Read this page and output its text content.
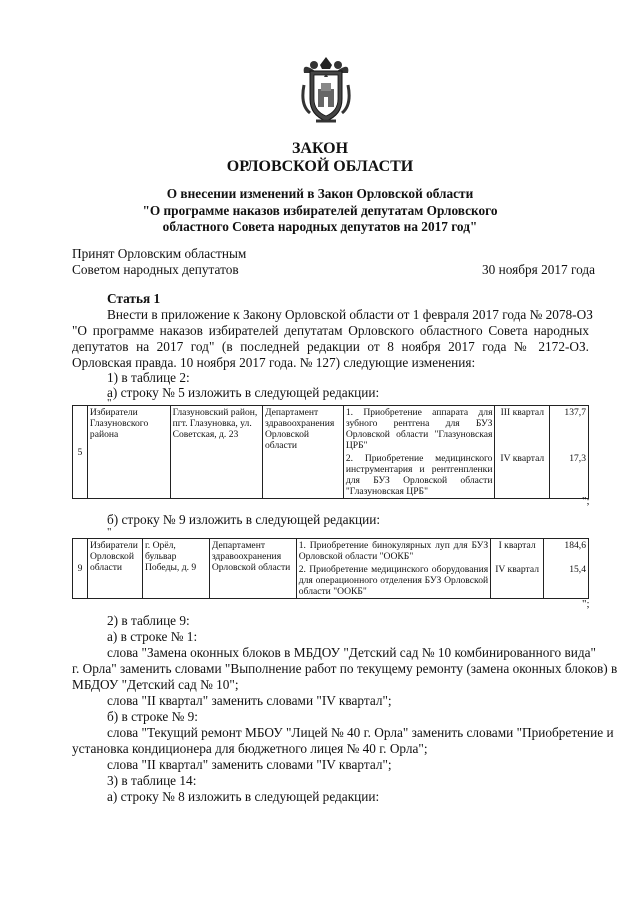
ЗАКОН
ОРЛОВСКОЙ ОБЛАСТИ
О внесении изменений в Закон Орловской области
"О программе наказов избирателей депутатам Орловского
областного Совета народных депутатов на 2017 год"
Принят Орловским областным
Советом народных депутатов	30 ноября 2017 года
Статья 1
Внести в приложение к Закону Орловской области от 1 февраля 2017 года № 2078-ОЗ
"О программе наказов избирателей депутатам Орловского областного Совета народных
депутатов на 2017 год" (в последней редакции от 8 ноября 2017 года № 2172-ОЗ.
Орловская правда. 10 ноября 2017 года. № 127) следующие изменения:
1) в таблице 2:
а) строку № 5 изложить в следующей редакции:
"
5	Избиратели Глазуновского района	Глазуновский район, пгт. Глазуновка, ул. Советская, д. 23	Департамент здравоохранения Орловской области	1. Приобретение аппарата для зубного рентгена для БУЗ Орловской области "Глазуновская ЦРБ"	III квартал	137,7
				2. Приобретение медицинского инструментария и рентгенпленки для БУЗ Орловской области "Глазуновская ЦРБ"	IV квартал	17,3
";
б) строку № 9 изложить в следующей редакции:
"
9	Избиратели Орловской области	г. Орёл, бульвар Победы, д. 9	Департамент здравоохранения Орловской области	1. Приобретение бинокулярных луп для БУЗ Орловской области "ООКБ"	I квартал	184,6
				2. Приобретение медицинского оборудования для операционного отделения БУЗ Орловской области "ООКБ"	IV квартал	15,4
";
2) в таблице 9:
а) в строке № 1:
слова "Замена оконных блоков в МБДОУ "Детский сад № 10 комбинированного вида"
г. Орла" заменить словами "Выполнение работ по текущему ремонту (замена оконных блоков) в
МБДОУ "Детский сад № 10";
слова "II квартал" заменить словами "IV квартал";
б) в строке № 9:
слова "Текущий ремонт МБОУ "Лицей № 40 г. Орла" заменить словами "Приобретение и
установка кондиционера для бюджетного лицея № 40 г. Орла";
слова "II квартал" заменить словами "IV квартал";
3) в таблице 14:
а) строку № 8 изложить в следующей редакции:
